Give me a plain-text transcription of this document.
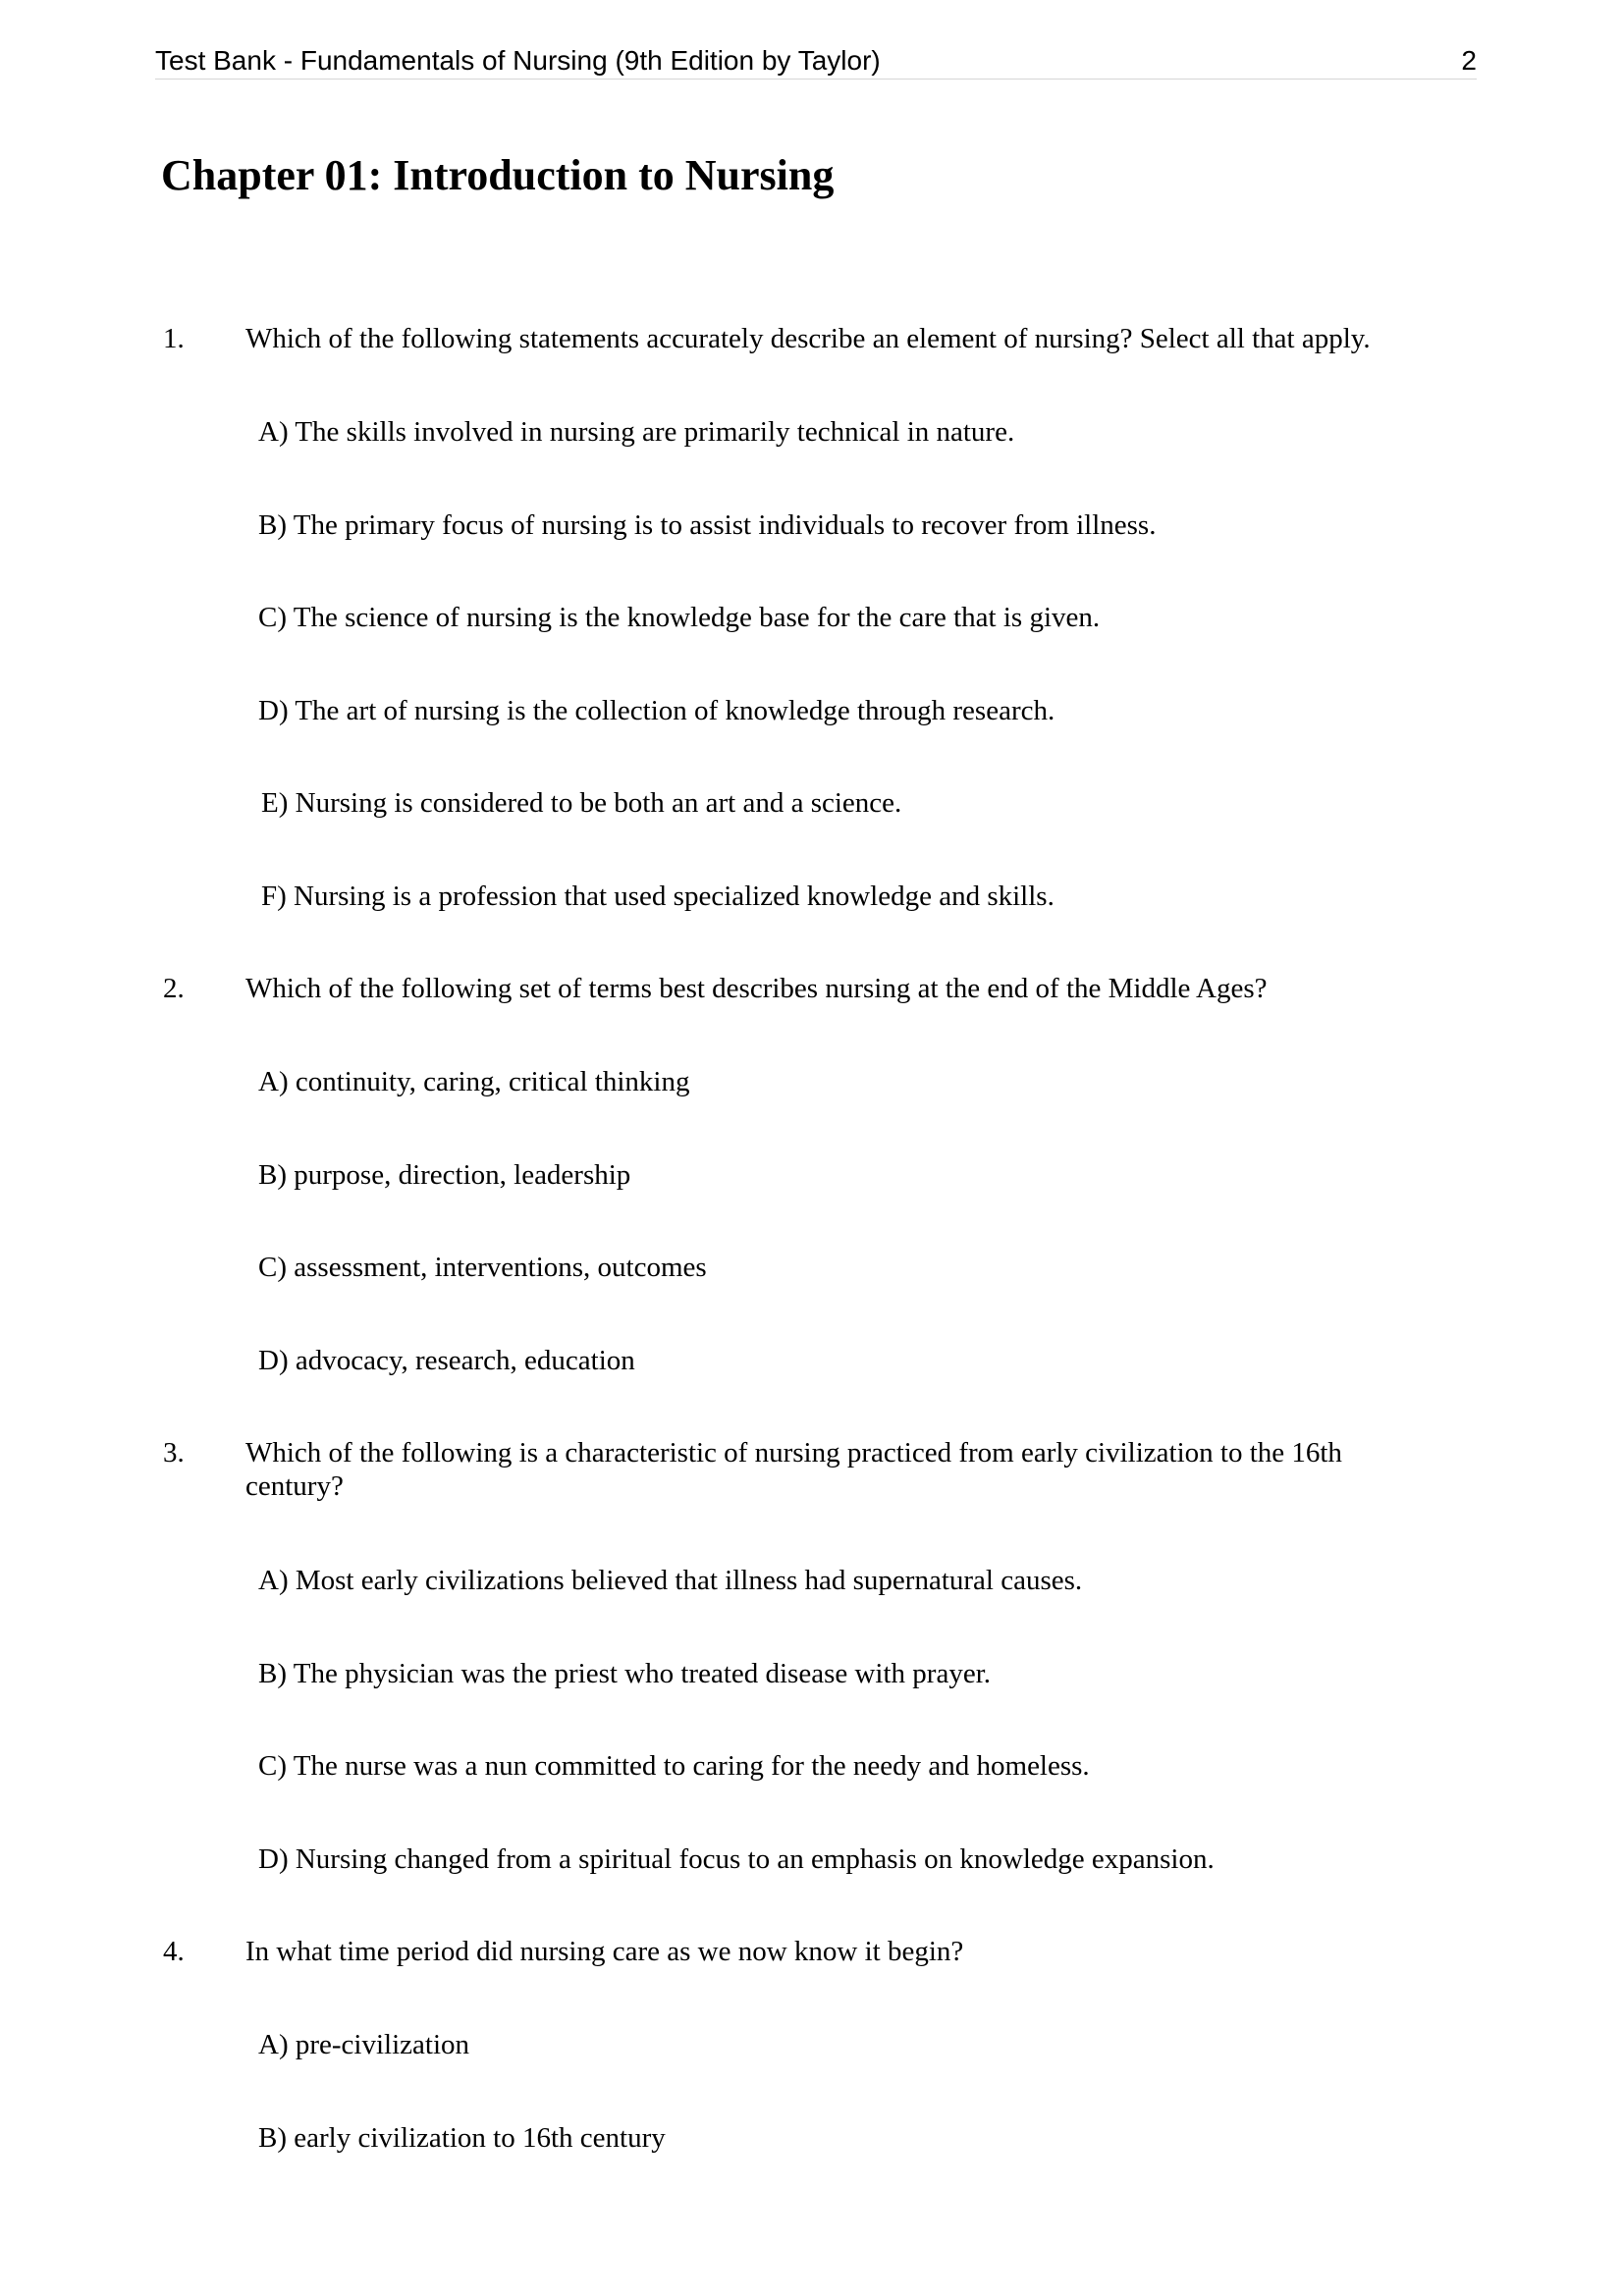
Test Bank - Fundamentals of Nursing (9th Edition by Taylor)	2
Chapter 01: Introduction to Nursing
1. Which of the following statements accurately describe an element of nursing? Select all that apply.
A) The skills involved in nursing are primarily technical in nature.
B) The primary focus of nursing is to assist individuals to recover from illness.
C) The science of nursing is the knowledge base for the care that is given.
D) The art of nursing is the collection of knowledge through research.
E) Nursing is considered to be both an art and a science.
F) Nursing is a profession that used specialized knowledge and skills.
2. Which of the following set of terms best describes nursing at the end of the Middle Ages?
A) continuity, caring, critical thinking
B) purpose, direction, leadership
C) assessment, interventions, outcomes
D) advocacy, research, education
3. Which of the following is a characteristic of nursing practiced from early civilization to the 16th
century?
A) Most early civilizations believed that illness had supernatural causes.
B) The physician was the priest who treated disease with prayer.
C) The nurse was a nun committed to caring for the needy and homeless.
D) Nursing changed from a spiritual focus to an emphasis on knowledge expansion.
4. In what time period did nursing care as we now know it begin?
A) pre-civilization
B) early civilization to 16th century
